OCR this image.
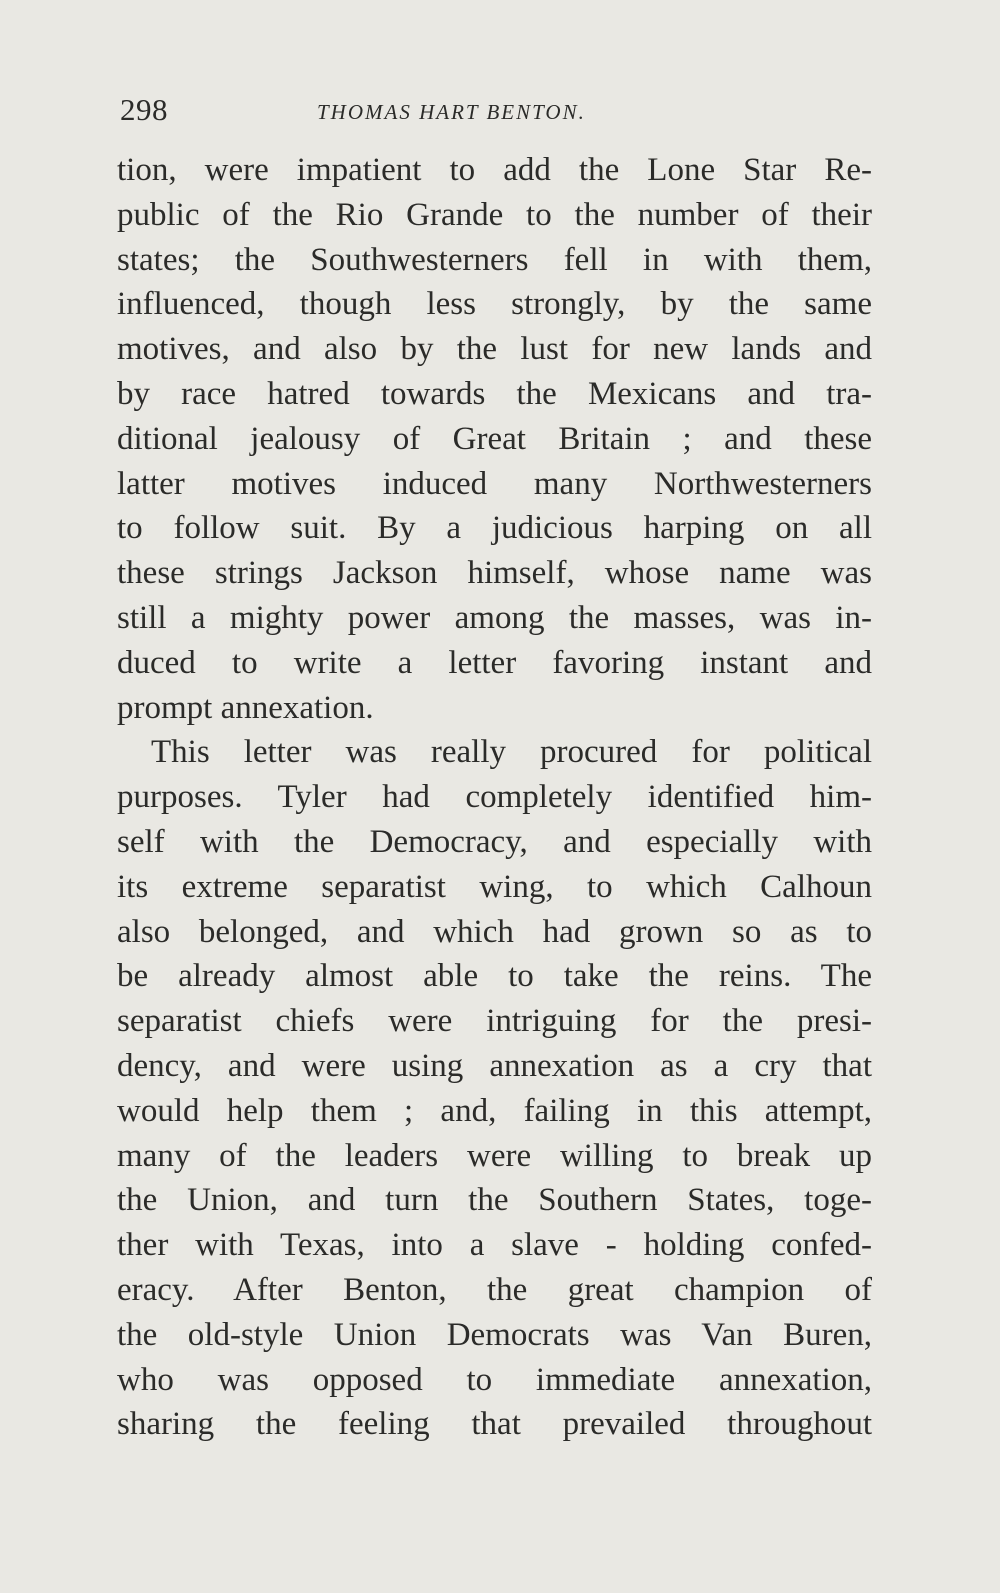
298	THOMAS HART BENTON.
tion, were impatient to add the Lone Star Re-
public of the Rio Grande to the number of their
states; the Southwesterners fell in with them,
influenced, though less strongly, by the same
motives, and also by the lust for new lands and
by race hatred towards the Mexicans and tra-
ditional jealousy of Great Britain ; and these
latter motives induced many Northwesterners
to follow suit. By a judicious harping on all
these strings Jackson himself, whose name was
still a mighty power among the masses, was in-
duced to write a letter favoring instant and
prompt annexation.
This letter was really procured for political
purposes. Tyler had completely identified him-
self with the Democracy, and especially with
its extreme separatist wing, to which Calhoun
also belonged, and which had grown so as to
be already almost able to take the reins. The
separatist chiefs were intriguing for the presi-
dency, and were using annexation as a cry that
would help them ; and, failing in this attempt,
many of the leaders were willing to break up
the Union, and turn the Southern States, toge-
ther with Texas, into a slave - holding confed-
eracy. After Benton, the great champion of
the old-style Union Democrats was Van Buren,
who was opposed to immediate annexation,
sharing the feeling that prevailed throughout
